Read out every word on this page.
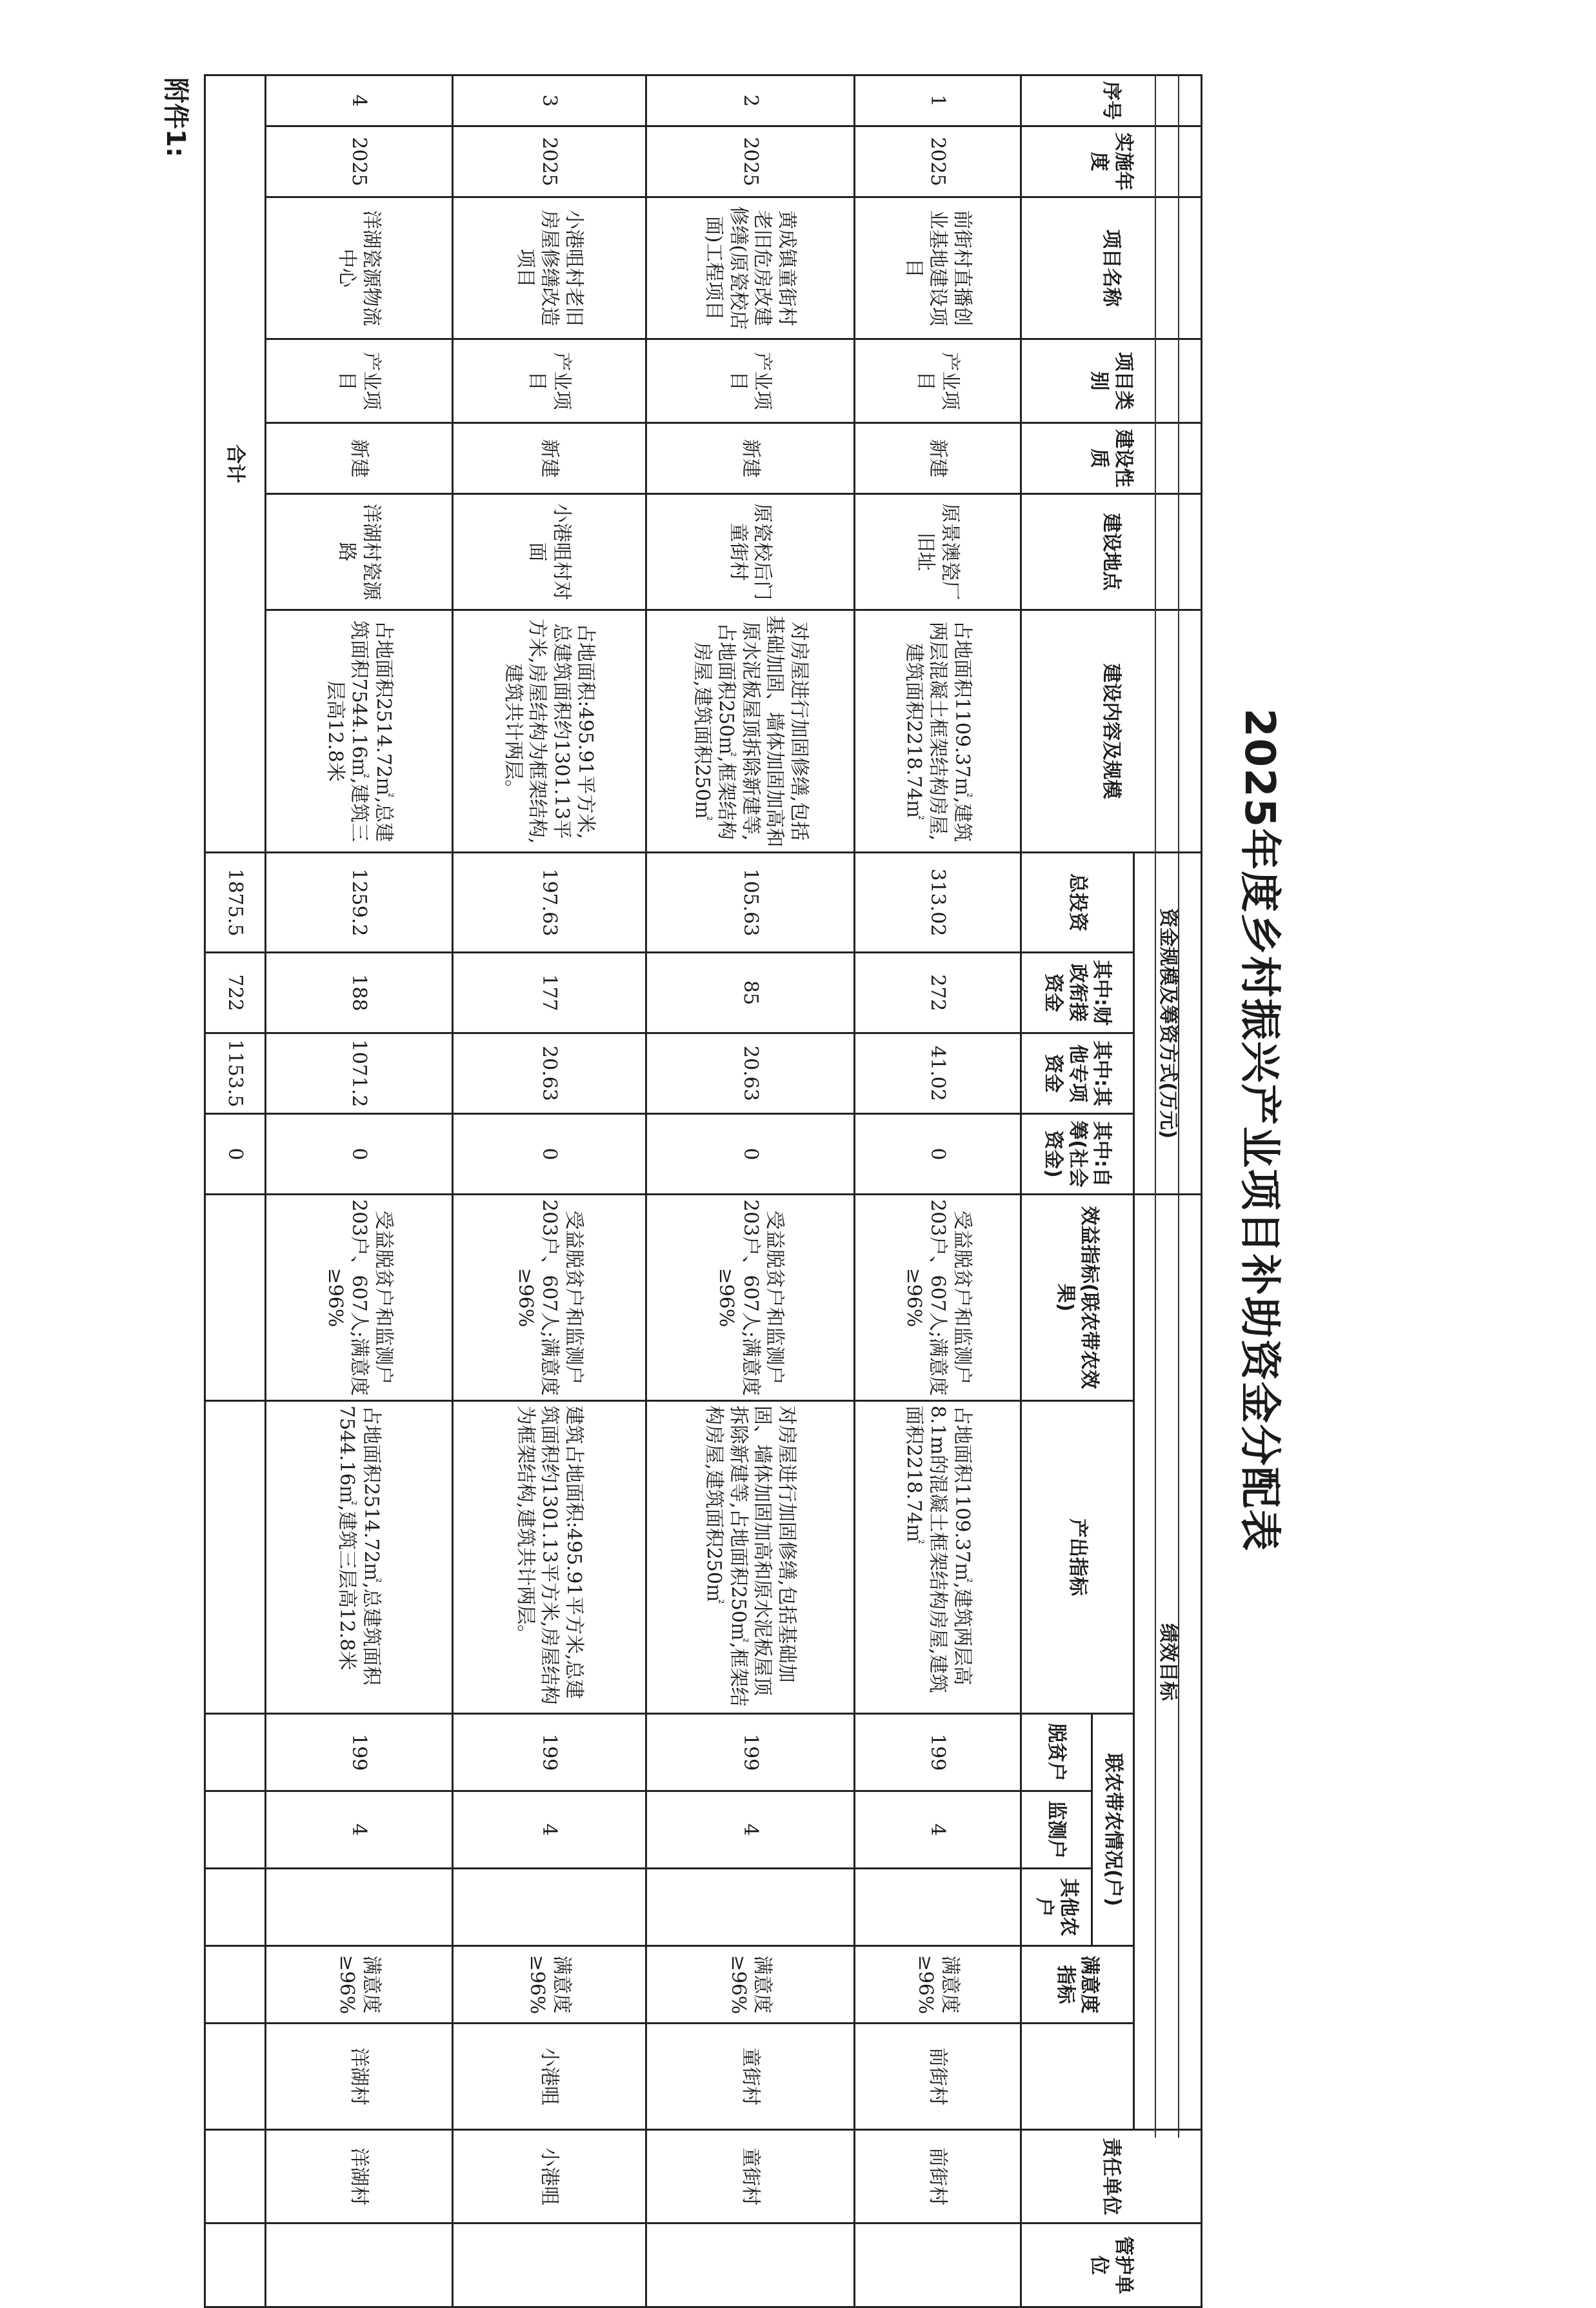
附件1:
2025年度乡村振兴产业项目补助资金分配表
序号	实施年度	项目名称	项目类别	建设性质	建设地点	建设内容及规模	资金规模及筹资方式(万元)				绩效目标							责任单位	管护单位	
							总投资	其中:财政衔接资金	其中:其他专项资金	其中:自筹(社会资金)	效益指标(联农带农效果)	产出指标	联农带农情况(户)			满意度指标				
													脱贫户	监测户	其他农户					
1	2025	前街村直播创业基地建设项目	产业项目	新建	原景澳瓷厂旧址	占地面积1109.37㎡,建筑两层混凝土框架结构房屋,建筑面积2218.74㎡	313.02	272	41.02	0	受益脱贫户和监测户203户、607人;满意度≥96%	占地面积1109.37㎡,建筑两层高8.1m的混凝土框架结构房屋,建筑面积2218.74㎡	199	4		满意度≥96%	前街村	前街村		
2	2025	黄成镇童街村老旧危房改建修缮(原瓷校店面)工程项目	产业项目	新建	原瓷校后门童街村	对房屋进行加固修缮,包括基础加固、墙体加固加高和原水泥板屋顶拆除新建等,占地面积250㎡,框架结构房屋,建筑面积250㎡	105.63	85	20.63	0	受益脱贫户和监测户203户、607人;满意度≥96%	对房屋进行加固修缮,包括基础加固、墙体加固加高和原水泥板屋顶拆除新建等,占地面积250㎡,框架结构房屋,建筑面积250㎡	199	4		满意度≥96%	童街村	童街村		
3	2025	小港咀村老旧房屋修缮改造项目	产业项目	新建	小港咀村对面	占地面积:495.91平方米,总建筑面积约1301.13平方米,房屋结构为框架结构,建筑共计两层。	197.63	177	20.63	0	受益脱贫户和监测户203户、607人;满意度≥96%	建筑占地面积:495.91平方米,总建筑面积约1301.13平方米,房屋结构为框架结构,建筑共计两层。	199	4		满意度≥96%	小港咀	小港咀		
4	2025	洋湖瓷源物流中心	产业项目	新建	洋湖村瓷源路	占地面积2514.72㎡,总建筑面积7544.16㎡,建筑三层高12.8米	1259.2	188	1071.2	0	受益脱贫户和监测户203户、607人;满意度≥96%	占地面积2514.72㎡,总建筑面积7544.16㎡,建筑三层高12.8米	199	4		满意度≥96%	洋湖村	洋湖村		
合计							1875.5	722	1153.5	0										
